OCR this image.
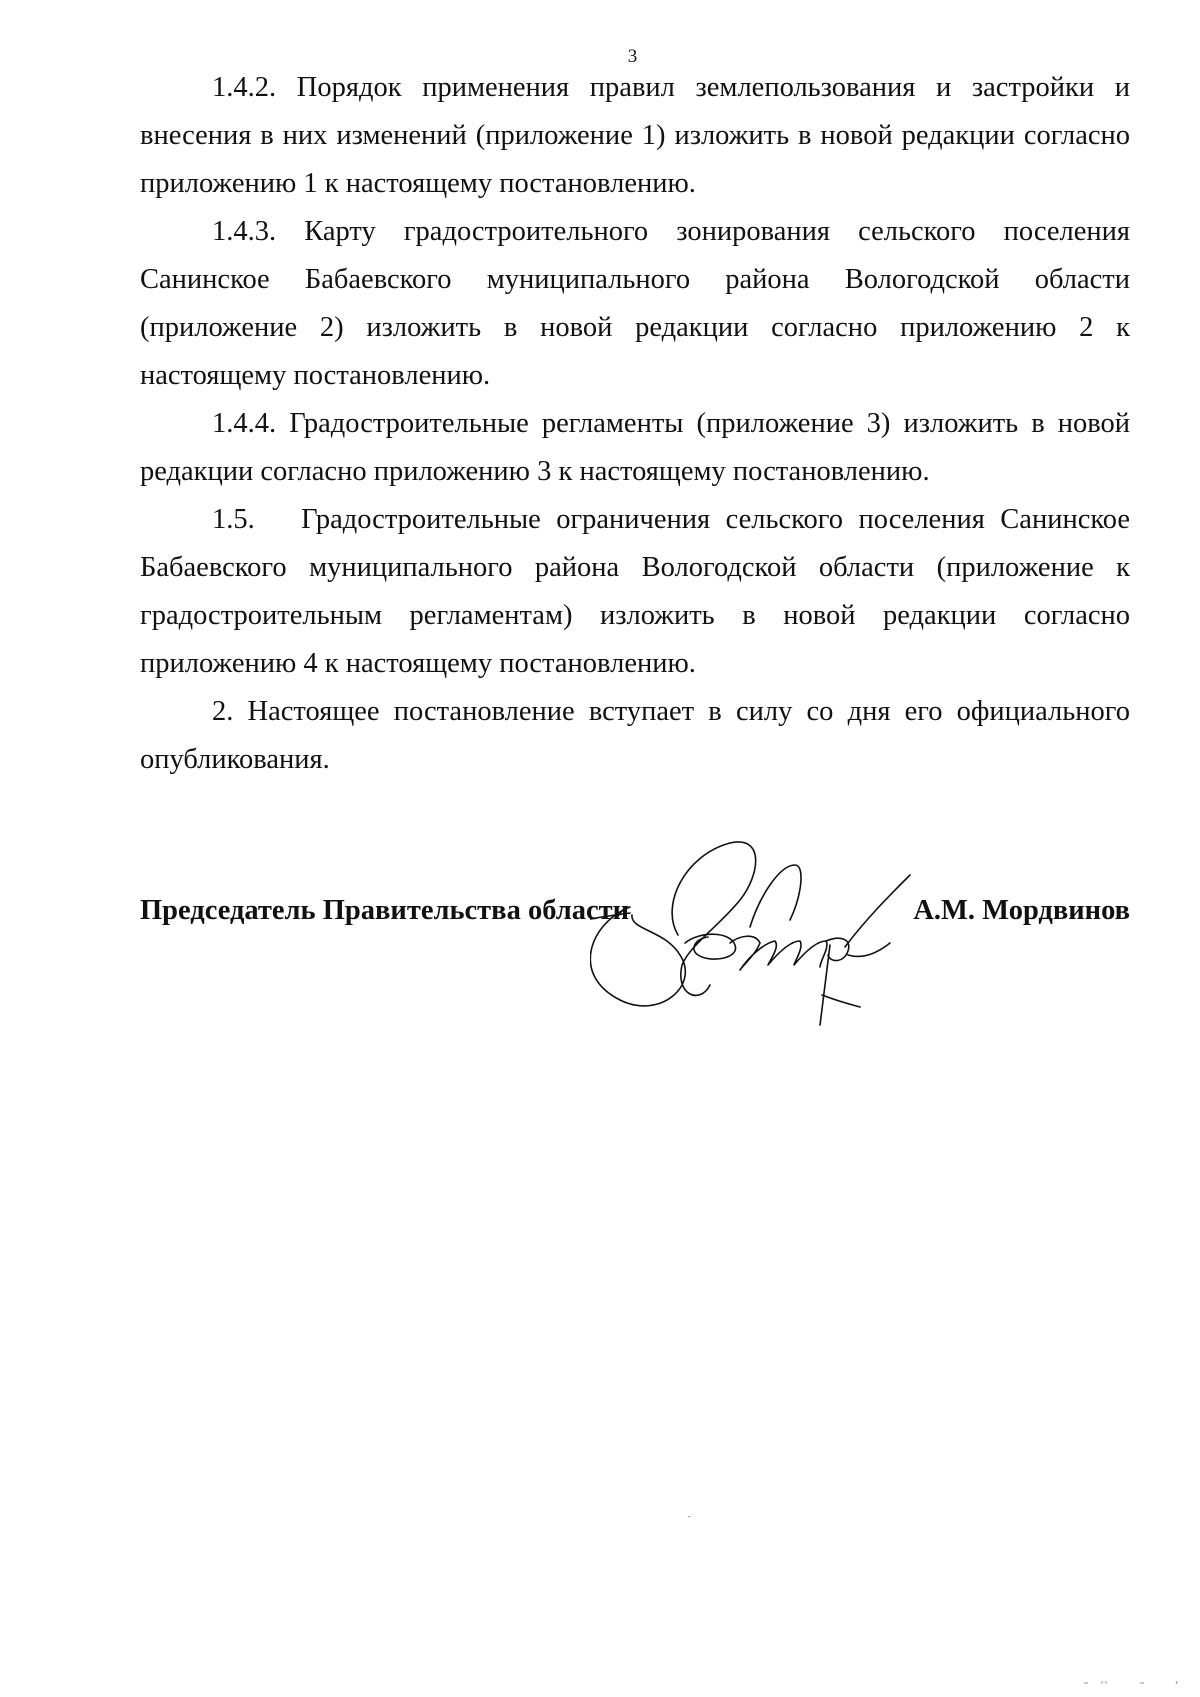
3

1.4.2. Порядок применения правил землепользования и застройки и внесения в них изменений (приложение 1) изложить в новой редакции согласно приложению 1 к настоящему постановлению.

1.4.3. Карту градостроительного зонирования сельского поселения Санинское Бабаевского муниципального района Вологодской области (приложение 2) изложить в новой редакции согласно приложению 2 к настоящему постановлению.

1.4.4. Градостроительные регламенты (приложение 3) изложить в новой редакции согласно приложению 3 к настоящему постановлению.

1.5.   Градостроительные ограничения сельского поселения Санинское Бабаевского муниципального района Вологодской области (приложение к градостроительным регламентам) изложить в новой редакции согласно приложению 4 к настоящему постановлению.

2. Настоящее постановление вступает в силу со дня его официального опубликования.

Председатель Правительства области	А.М. Мордвинов
